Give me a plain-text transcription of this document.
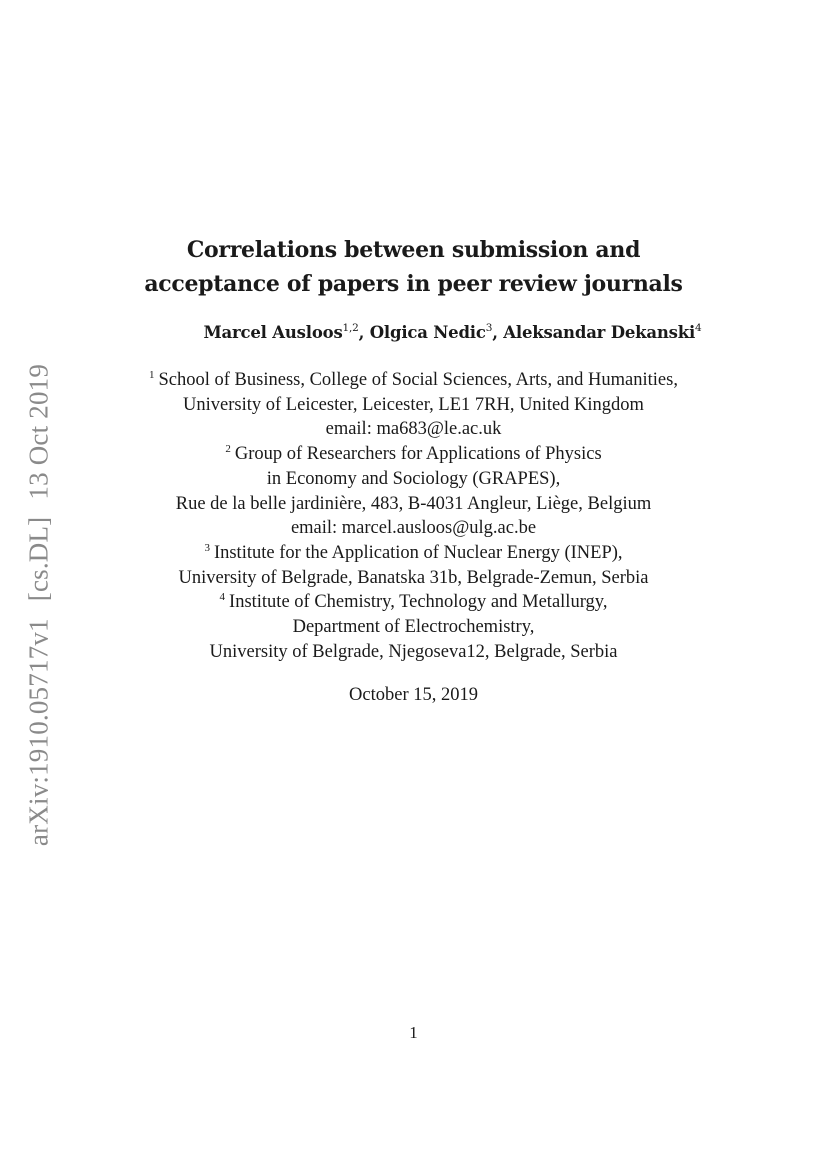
arXiv:1910.05717v1[cs.DL]13 Oct 2019
Correlations between submission and
acceptance of papers in peer review journals
Marcel Ausloos$^{1,2}$, Olgica Nedic$^3$, Aleksandar Dekanski$^4$
$^1$ School of Business, College of Social Sciences, Arts, and Humanities,
University of Leicester, Leicester, LE1 7RH, United Kingdom
email: ma683@le.ac.uk
$^2$ Group of Researchers for Applications of Physics
in Economy and Sociology (GRAPES),
Rue de la belle jardinière, 483, B-4031 Angleur, Liège, Belgium
email: marcel.ausloos@ulg.ac.be
$^3$ Institute for the Application of Nuclear Energy (INEP),
University of Belgrade, Banatska 31b, Belgrade-Zemun, Serbia
$^4$ Institute of Chemistry, Technology and Metallurgy,
Department of Electrochemistry,
University of Belgrade, Njegoseva12, Belgrade, Serbia
October 15, 2019
1
